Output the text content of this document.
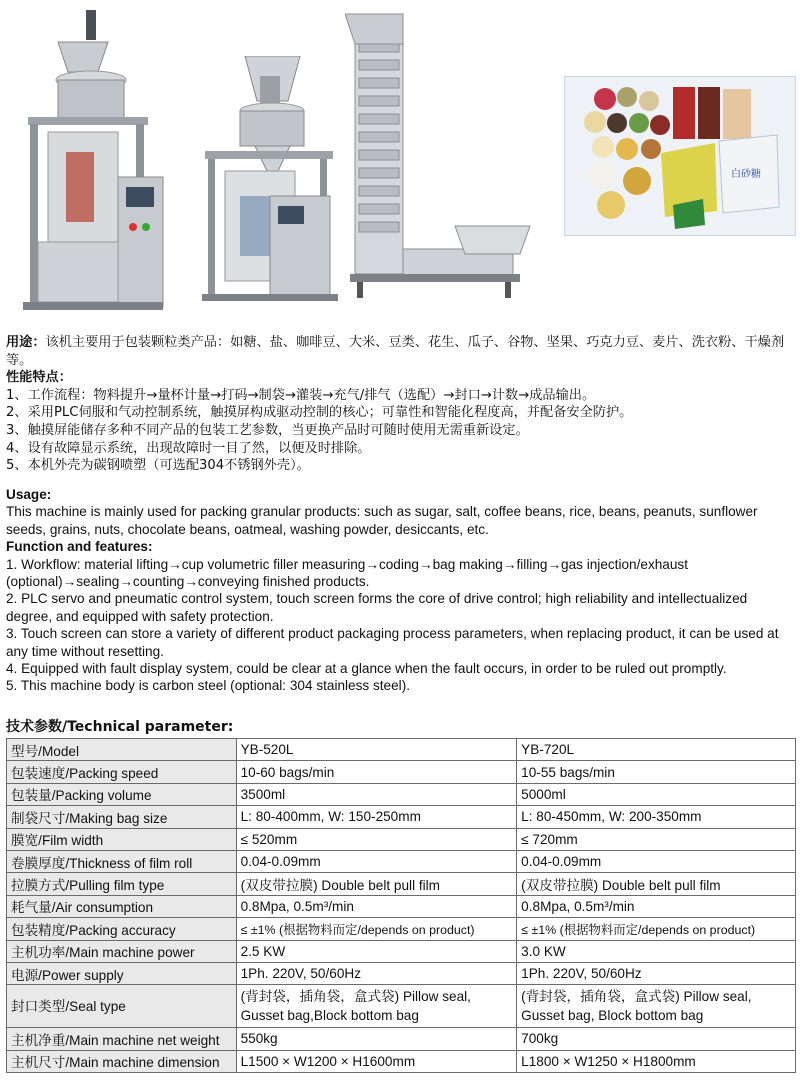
白砂糖
用途：该机主要用于包装颗粒类产品：如糖、盐、咖啡豆、大米、豆类、花生、瓜子、谷物、坚果、巧克力豆、麦片、洗衣粉、干燥剂等。
性能特点：
1、工作流程：物料提升→量杯计量→打码→制袋→灌装→充气/排气（选配）→封口→计数→成品输出。
2、采用PLC伺服和气动控制系统，触摸屏构成驱动控制的核心；可靠性和智能化程度高，并配备安全防护。
3、触摸屏能储存多种不同产品的包装工艺参数，当更换产品时可随时使用无需重新设定。
4、设有故障显示系统，出现故障时一目了然，以便及时排除。
5、本机外壳为碳钢喷塑（可选配304不锈钢外壳）。
Usage:
This machine is mainly used for packing granular products: such as sugar, salt, coffee beans, rice, beans, peanuts, sunflower seeds, grains, nuts, chocolate beans, oatmeal, washing powder, desiccants, etc.
Function and features:
1. Workflow: material lifting→cup volumetric filler measuring→coding→bag making→filling→gas injection/exhaust (optional)→sealing→counting→conveying finished products.
2. PLC servo and pneumatic control system, touch screen forms the core of drive control; high reliability and intellectualized degree, and equipped with safety protection.
3. Touch screen can store a variety of different product packaging process parameters, when replacing product, it can be used at any time without resetting.
4. Equipped with fault display system, could be clear at a glance when the fault occurs, in order to be ruled out promptly.
5. This machine body is carbon steel (optional: 304 stainless steel).
技术参数/Technical parameter:
型号/Model	YB-520L	YB-720L
包装速度/Packing speed	10-60 bags/min	10-55 bags/min
包装量/Packing volume	3500ml	5000ml
制袋尺寸/Making bag size	L: 80-400mm, W: 150-250mm	L: 80-450mm, W: 200-350mm
膜宽/Film width	≤ 520mm	≤ 720mm
卷膜厚度/Thickness of film roll	0.04-0.09mm	0.04-0.09mm
拉膜方式/Pulling film type	(双皮带拉膜) Double belt pull film	(双皮带拉膜) Double belt pull film
耗气量/Air consumption	0.8Mpa, 0.5m³/min	0.8Mpa, 0.5m³/min
包装精度/Packing accuracy	≤ ±1% (根据物料而定/depends on product)	≤ ±1% (根据物料而定/depends on product)
主机功率/Main machine power	2.5 KW	3.0 KW
电源/Power supply	1Ph. 220V, 50/60Hz	1Ph. 220V, 50/60Hz
封口类型/Seal type	(背封袋，插角袋，盒式袋) Pillow seal, Gusset bag,Block bottom bag	(背封袋，插角袋，盒式袋) Pillow seal, Gusset bag, Block bottom bag
主机净重/Main machine net weight	550kg	700kg
主机尺寸/Main machine dimension	L1500 × W1200 × H1600mm	L1800 × W1250 × H1800mm
